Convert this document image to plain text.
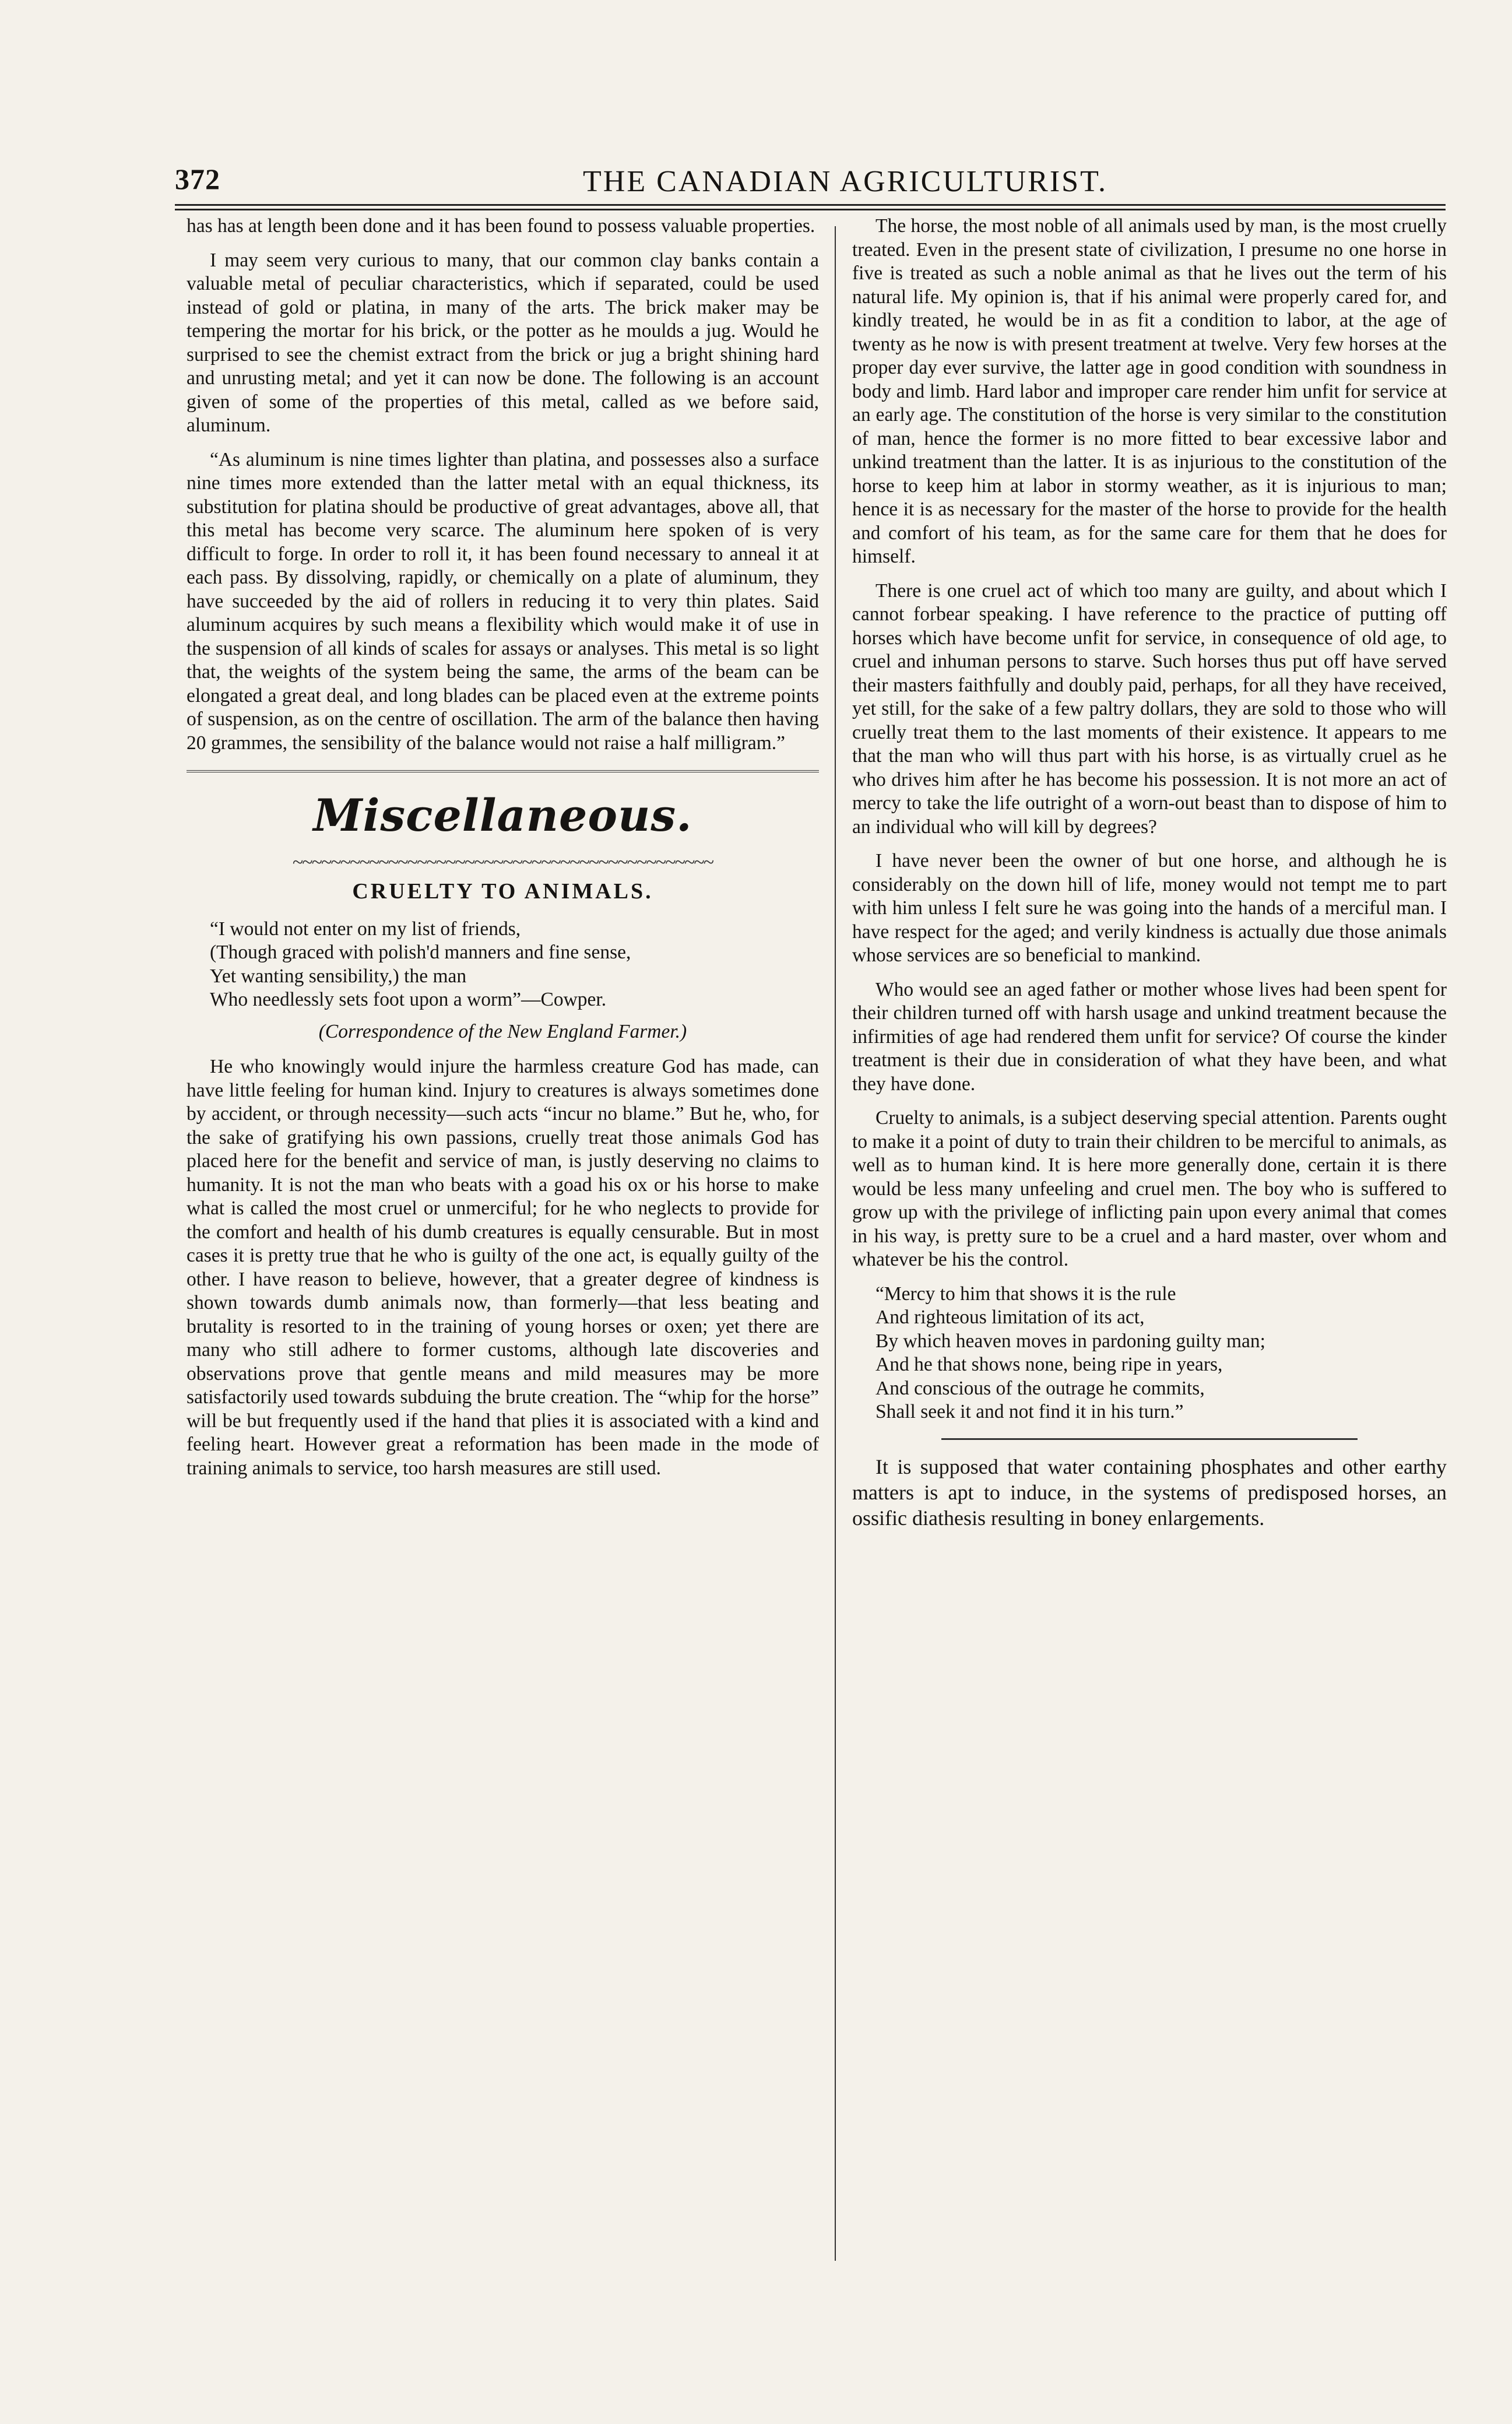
372	THE CANADIAN AGRICULTURIST.

has has at length been done and it has been found to possess valuable properties.

I may seem very curious to many, that our common clay banks contain a valuable metal of peculiar characteristics, which if separated, could be used instead of gold or platina, in many of the arts. The brick maker may be tempering the mortar for his brick, or the potter as he moulds a jug. Would he surprised to see the chemist extract from the brick or jug a bright shining hard and unrusting metal; and yet it can now be done. The following is an account given of some of the properties of this metal, called as we before said, aluminum.

“As aluminum is nine times lighter than platina, and possesses also a surface nine times more extended than the latter metal with an equal thickness, its substitution for platina should be productive of great advantages, above all, that this metal has become very scarce. The aluminum here spoken of is very difficult to forge. In order to roll it, it has been found necessary to anneal it at each pass. By dissolving, rapidly, or chemically on a plate of aluminum, they have succeeded by the aid of rollers in reducing it to very thin plates. Said aluminum acquires by such means a flexibility which would make it of use in the suspension of all kinds of scales for assays or analyses. This metal is so light that, the weights of the system being the same, the arms of the beam can be elongated a great deal, and long blades can be placed even at the extreme points of suspension, as on the centre of oscillation. The arm of the balance then having 20 grammes, the sensibility of the balance would not raise a half milligram.”

Miscellaneous.
~~~~~~~~~~~~~~~~~~~~~~~~~~~~~~~~~~~~~~~~~~~~
CRUELTY TO ANIMALS.
“I would not enter on my list of friends,
(Though graced with polish'd manners and fine sense,
Yet wanting sensibility,) the man
Who needlessly sets foot upon a worm”—Cowper.
(Correspondence of the New England Farmer.)

He who knowingly would injure the harmless creature God has made, can have little feeling for human kind. Injury to creatures is always sometimes done by accident, or through necessity—such acts “incur no blame.” But he, who, for the sake of gratifying his own passions, cruelly treat those animals God has placed here for the benefit and service of man, is justly deserving no claims to humanity. It is not the man who beats with a goad his ox or his horse to make what is called the most cruel or unmerciful; for he who neglects to provide for the comfort and health of his dumb creatures is equally censurable. But in most cases it is pretty true that he who is guilty of the one act, is equally guilty of the other. I have reason to believe, however, that a greater degree of kindness is shown towards dumb animals now, than formerly—that less beating and brutality is resorted to in the training of young horses or oxen; yet there are many who still adhere to former customs, although late discoveries and observations prove that gentle means and mild measures may be more satisfactorily used towards subduing the brute creation. The “whip for the horse” will be but frequently used if the hand that plies it is associated with a kind and feeling heart. However great a reformation has been made in the mode of training animals to service, too harsh measures are still used.

The horse, the most noble of all animals used by man, is the most cruelly treated. Even in the present state of civilization, I presume no one horse in five is treated as such a noble animal as that he lives out the term of his natural life. My opinion is, that if his animal were properly cared for, and kindly treated, he would be in as fit a condition to labor, at the age of twenty as he now is with present treatment at twelve. Very few horses at the proper day ever survive, the latter age in good condition with soundness in body and limb. Hard labor and improper care render him unfit for service at an early age. The constitution of the horse is very similar to the constitution of man, hence the former is no more fitted to bear excessive labor and unkind treatment than the latter. It is as injurious to the constitution of the horse to keep him at labor in stormy weather, as it is injurious to man; hence it is as necessary for the master of the horse to provide for the health and comfort of his team, as for the same care for them that he does for himself.

There is one cruel act of which too many are guilty, and about which I cannot forbear speaking. I have reference to the practice of putting off horses which have become unfit for service, in consequence of old age, to cruel and inhuman persons to starve. Such horses thus put off have served their masters faithfully and doubly paid, perhaps, for all they have received, yet still, for the sake of a few paltry dollars, they are sold to those who will cruelly treat them to the last moments of their existence. It appears to me that the man who will thus part with his horse, is as virtually cruel as he who drives him after he has become his possession. It is not more an act of mercy to take the life outright of a worn-out beast than to dispose of him to an individual who will kill by degrees?

I have never been the owner of but one horse, and although he is considerably on the down hill of life, money would not tempt me to part with him unless I felt sure he was going into the hands of a merciful man. I have respect for the aged; and verily kindness is actually due those animals whose services are so beneficial to mankind.

Who would see an aged father or mother whose lives had been spent for their children turned off with harsh usage and unkind treatment because the infirmities of age had rendered them unfit for service? Of course the kinder treatment is their due in consideration of what they have been, and what they have done.

Cruelty to animals, is a subject deserving special attention. Parents ought to make it a point of duty to train their children to be merciful to animals, as well as to human kind. It is here more generally done, certain it is there would be less many unfeeling and cruel men. The boy who is suffered to grow up with the privilege of inflicting pain upon every animal that comes in his way, is pretty sure to be a cruel and a hard master, over whom and whatever be his the control.

“Mercy to him that shows it is the rule
And righteous limitation of its act,
By which heaven moves in pardoning guilty man;
And he that shows none, being ripe in years,
And conscious of the outrage he commits,
Shall seek it and not find it in his turn.”

It is supposed that water containing phosphates and other earthy matters is apt to induce, in the systems of predisposed horses, an ossific diathesis resulting in boney enlargements.
